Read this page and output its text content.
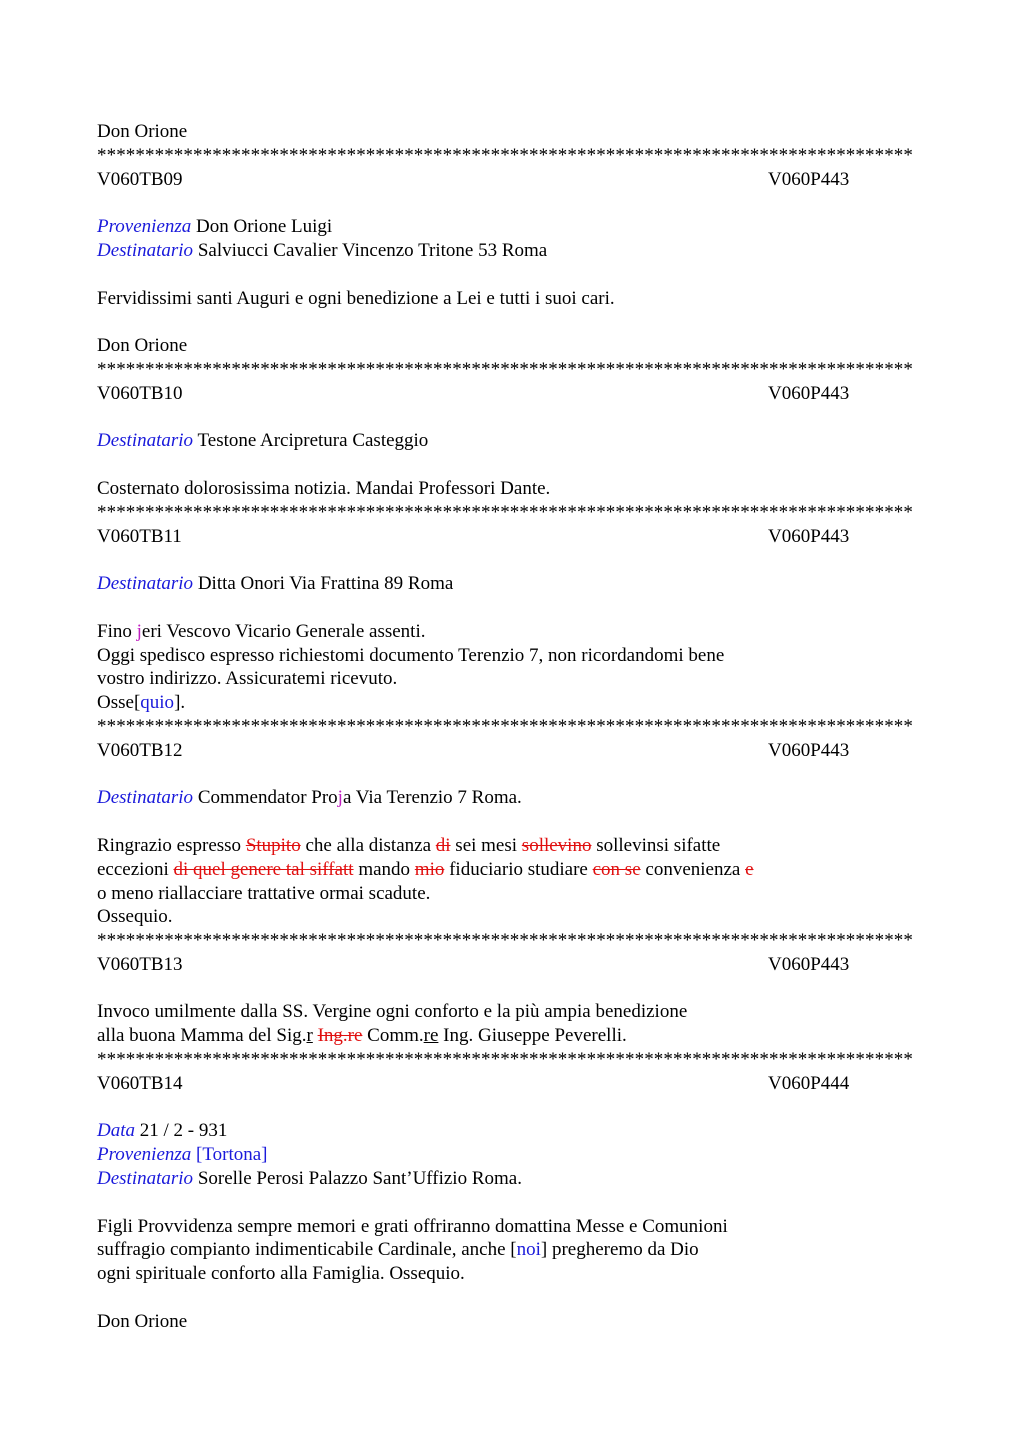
Don Orione
*************************************************************************************
V060TB09	V060P443
Provenienza Don Orione Luigi
Destinatario Salviucci Cavalier Vincenzo Tritone 53 Roma
Fervidissimi santi Auguri e ogni benedizione a Lei e tutti i suoi cari.
Don Orione
*************************************************************************************
V060TB10	V060P443
Destinatario Testone Arcipretura Casteggio
Costernato dolorosissima notizia. Mandai Professori Dante.
*************************************************************************************
V060TB11	V060P443
Destinatario Ditta Onori Via Frattina 89 Roma
Fino jeri Vescovo Vicario Generale assenti.
Oggi spedisco espresso richiestomi documento Terenzio 7, non ricordandomi bene
vostro indirizzo. Assicuratemi ricevuto.
Osse[quio].
*************************************************************************************
V060TB12	V060P443
Destinatario Commendator Proja Via Terenzio 7 Roma.
Ringrazio espresso Stupito che alla distanza di sei mesi sollevino sollevinsi sifatte
eccezioni di quel genere tal siffatt mando mio fiduciario studiare con se convenienza e
o meno riallacciare trattative ormai scadute.
Ossequio.
*************************************************************************************
V060TB13	V060P443
Invoco umilmente dalla SS. Vergine ogni conforto e la più ampia benedizione
alla buona Mamma del Sig.r Ing.re Comm.re Ing. Giuseppe Peverelli.
*************************************************************************************
V060TB14	V060P444
Data 21 / 2 - 931
Provenienza [Tortona]
Destinatario Sorelle Perosi Palazzo Sant’Uffizio Roma.
Figli Provvidenza sempre memori e grati offriranno domattina Messe e Comunioni
suffragio compianto indimenticabile Cardinale, anche [noi] pregheremo da Dio
ogni spirituale conforto alla Famiglia. Ossequio.
Don Orione
